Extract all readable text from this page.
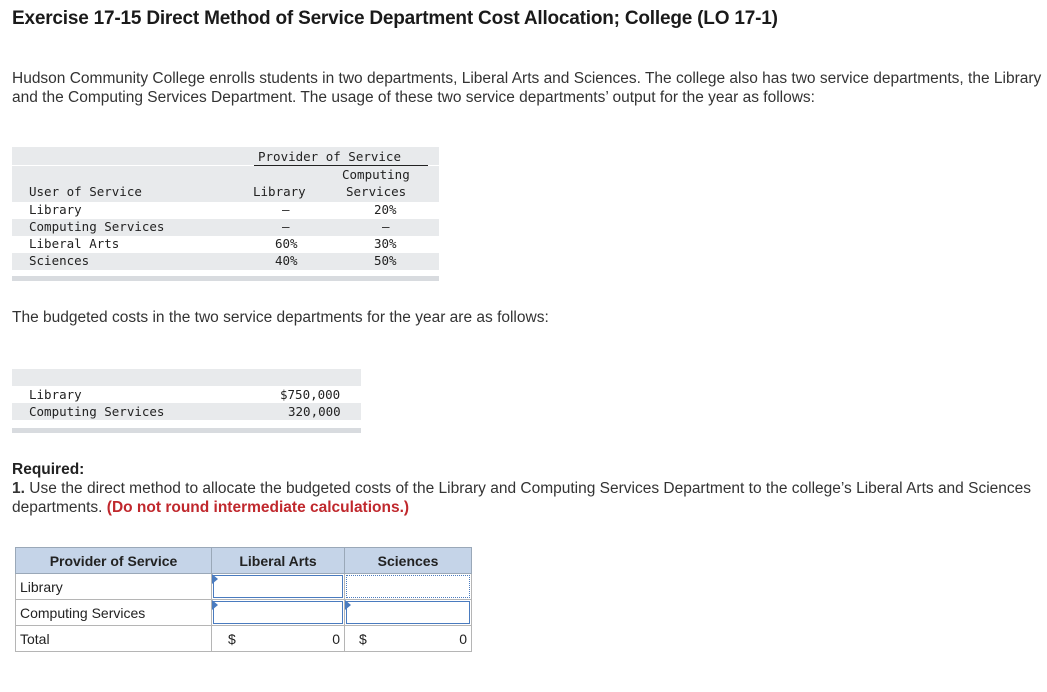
Exercise 17-15 Direct Method of Service Department Cost Allocation; College (LO 17-1)
Hudson Community College enrolls students in two departments, Liberal Arts and Sciences. The college also has two service departments, the Library and the Computing Services Department. The usage of these two service departments’ output for the year as follows:
Provider of Service
User of Service	Library
Computing
Services
Library	–	20%
Computing Services	–	–
Liberal Arts	60%	30%
Sciences	40%	50%
The budgeted costs in the two service departments for the year are as follows:
Library	$750,000
Computing Services	320,000
Required:
1. Use the direct method to allocate the budgeted costs of the Library and Computing Services Department to the college’s Liberal Arts and Sciences departments. (Do not round intermediate calculations.)
Provider of Service	Liberal Arts	Sciences
Library	

Computing Services	

Total	$ 0	$ 0
